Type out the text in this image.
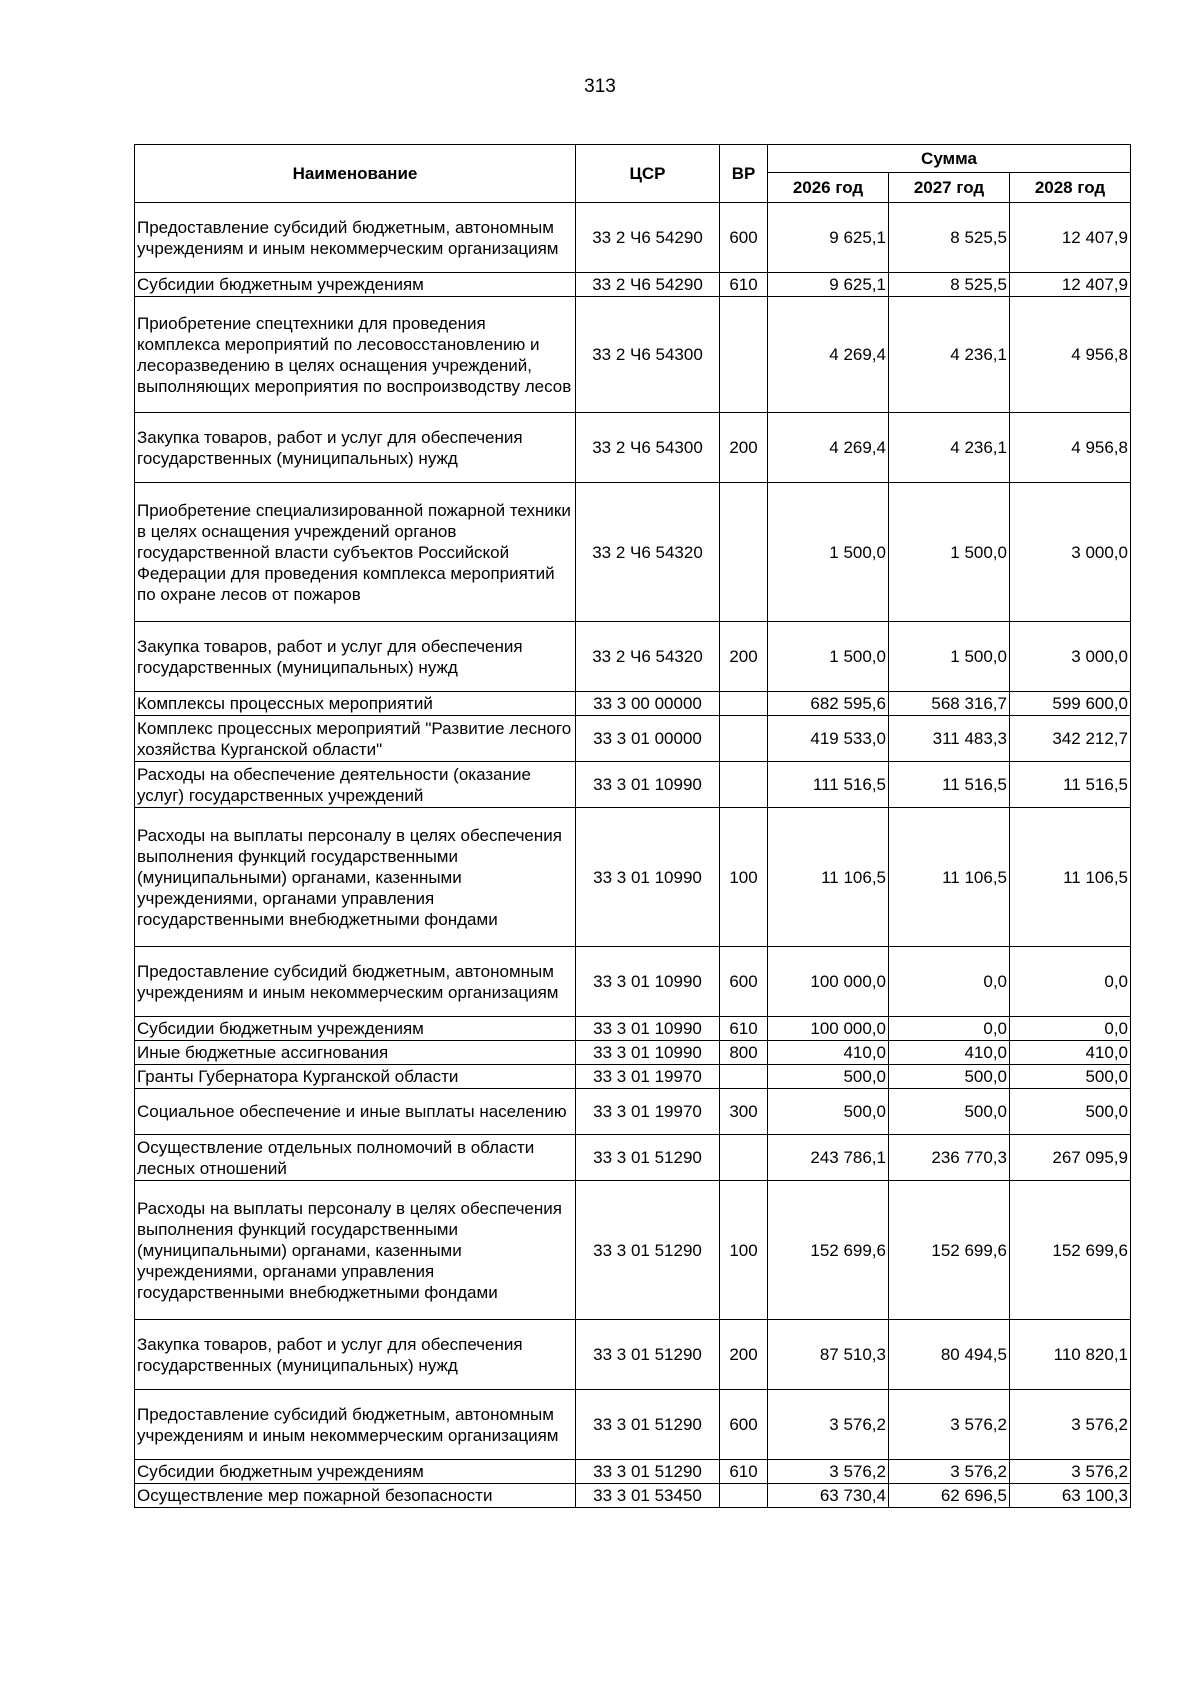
313
Наименование	ЦСР	ВР	Сумма		
			2026 год	2027 год	2028 год
Предоставление субсидий бюджетным, автономным учреждениям и иным некоммерческим организациям	33 2 Ч6 54290	600	9 625,1	8 525,5	12 407,9
Субсидии бюджетным учреждениям	33 2 Ч6 54290	610	9 625,1	8 525,5	12 407,9
Приобретение спецтехники для проведения комплекса мероприятий по лесовосстановлению и лесоразведению в целях оснащения учреждений, выполняющих мероприятия по воспроизводству лесов	33 2 Ч6 54300		4 269,4	4 236,1	4 956,8
Закупка товаров, работ и услуг для обеспечения государственных (муниципальных) нужд	33 2 Ч6 54300	200	4 269,4	4 236,1	4 956,8
Приобретение специализированной пожарной техники в целях оснащения учреждений органов государственной власти субъектов Российской Федерации для проведения комплекса мероприятий по охране лесов от пожаров	33 2 Ч6 54320		1 500,0	1 500,0	3 000,0
Закупка товаров, работ и услуг для обеспечения государственных (муниципальных) нужд	33 2 Ч6 54320	200	1 500,0	1 500,0	3 000,0
Комплексы процессных мероприятий	33 3 00 00000		682 595,6	568 316,7	599 600,0
Комплекс процессных мероприятий "Развитие лесного хозяйства Курганской области"	33 3 01 00000		419 533,0	311 483,3	342 212,7
Расходы на обеспечение деятельности (оказание услуг) государственных учреждений	33 3 01 10990		111 516,5	11 516,5	11 516,5
Расходы на выплаты персоналу в целях обеспечения выполнения функций государственными (муниципальными) органами, казенными учреждениями, органами управления государственными внебюджетными фондами	33 3 01 10990	100	11 106,5	11 106,5	11 106,5
Предоставление субсидий бюджетным, автономным учреждениям и иным некоммерческим организациям	33 3 01 10990	600	100 000,0	0,0	0,0
Субсидии бюджетным учреждениям	33 3 01 10990	610	100 000,0	0,0	0,0
Иные бюджетные ассигнования	33 3 01 10990	800	410,0	410,0	410,0
Гранты Губернатора Курганской области	33 3 01 19970		500,0	500,0	500,0
Социальное обеспечение и иные выплаты населению	33 3 01 19970	300	500,0	500,0	500,0
Осуществление отдельных полномочий в области лесных отношений	33 3 01 51290		243 786,1	236 770,3	267 095,9
Расходы на выплаты персоналу в целях обеспечения выполнения функций государственными (муниципальными) органами, казенными учреждениями, органами управления государственными внебюджетными фондами	33 3 01 51290	100	152 699,6	152 699,6	152 699,6
Закупка товаров, работ и услуг для обеспечения государственных (муниципальных) нужд	33 3 01 51290	200	87 510,3	80 494,5	110 820,1
Предоставление субсидий бюджетным, автономным учреждениям и иным некоммерческим организациям	33 3 01 51290	600	3 576,2	3 576,2	3 576,2
Субсидии бюджетным учреждениям	33 3 01 51290	610	3 576,2	3 576,2	3 576,2
Осуществление мер пожарной безопасности	33 3 01 53450		63 730,4	62 696,5	63 100,3
